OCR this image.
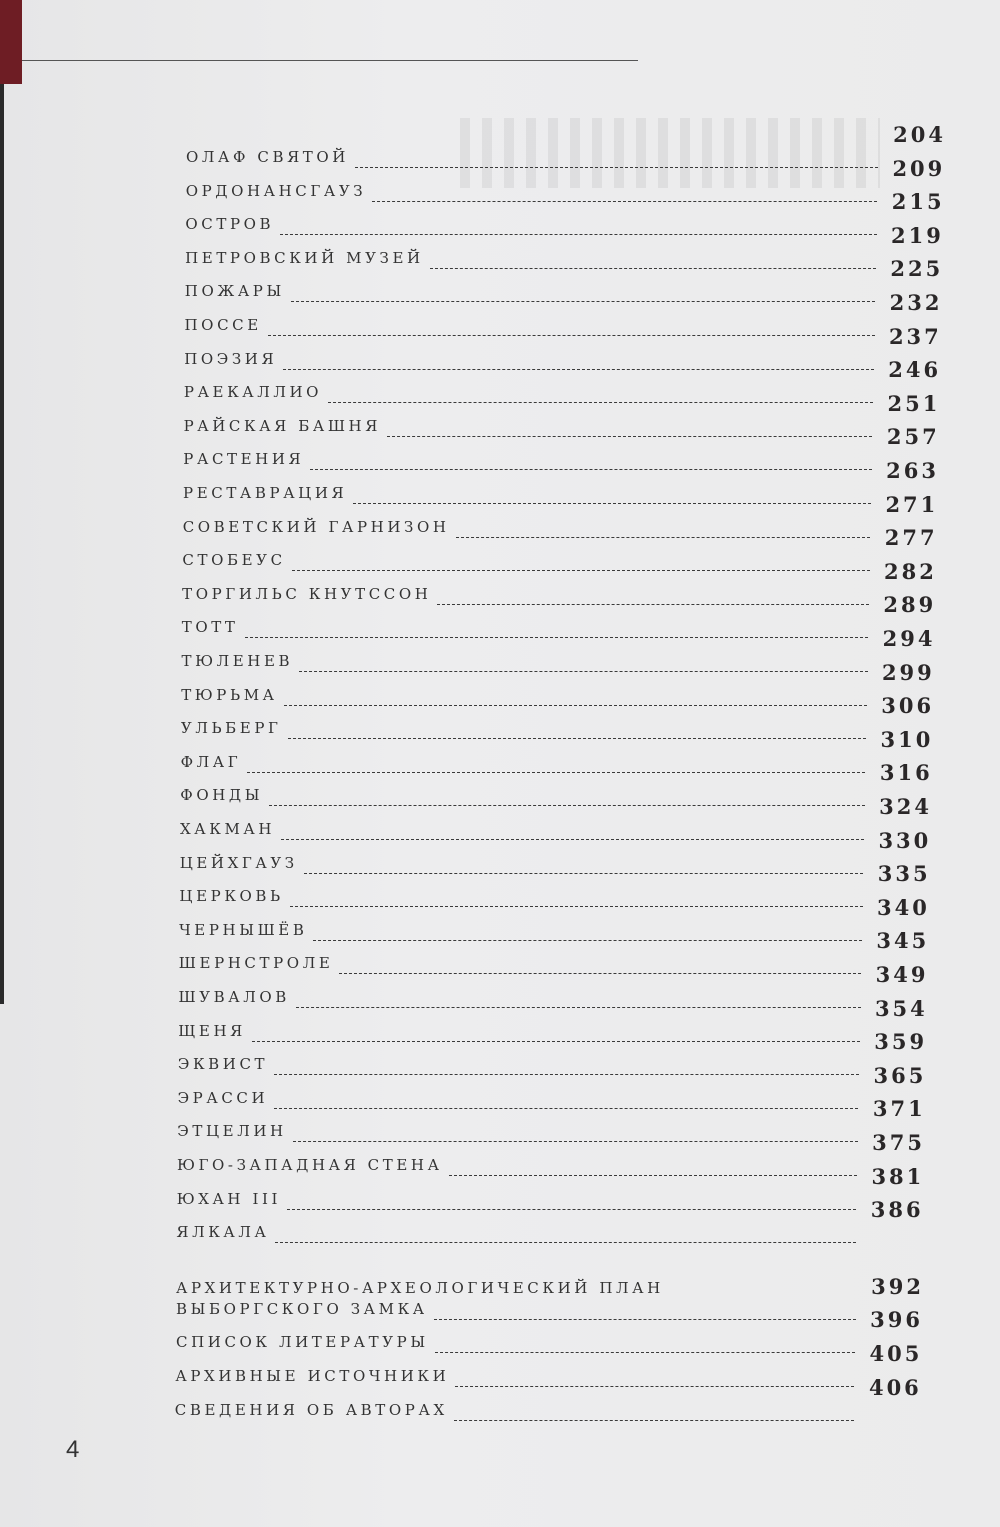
ОЛАФ СВЯТОЙ
204
ОРДОНАНСГАУЗ
209
ОСТРОВ
215
ПЕТРОВСКИЙ МУЗЕЙ
219
ПОЖАРЫ
225
ПОССЕ
232
ПОЭЗИЯ
237
РАЕКАЛЛИО
246
РАЙСКАЯ БАШНЯ
251
РАСТЕНИЯ
257
РЕСТАВРАЦИЯ
263
СОВЕТСКИЙ ГАРНИЗОН
271
СТОБЕУС
277
ТОРГИЛЬС КНУТССОН
282
ТОТТ
289
ТЮЛЕНЕВ
294
ТЮРЬМА
299
УЛЬБЕРГ
306
ФЛАГ
310
ФОНДЫ
316
ХАКМАН
324
ЦЕЙХГАУЗ
330
ЦЕРКОВЬ
335
ЧЕРНЫШЁВ
340
ШЕРНСТРОЛЕ
345
ШУВАЛОВ
349
ЩЕНЯ
354
ЭКВИСТ
359
ЭРАССИ
365
ЭТЦЕЛИН
371
ЮГО-ЗАПАДНАЯ СТЕНА
375
ЮХАН III
381
ЯЛКАЛА
386
ВЫБОРГСКОГО ЗАМКА
392
СПИСОК ЛИТЕРАТУРЫ
396
АРХИВНЫЕ ИСТОЧНИКИ
405
СВЕДЕНИЯ ОБ АВТОРАХ
406
АРХИТЕКТУРНО-АРХЕОЛОГИЧЕСКИЙ ПЛАН
4
